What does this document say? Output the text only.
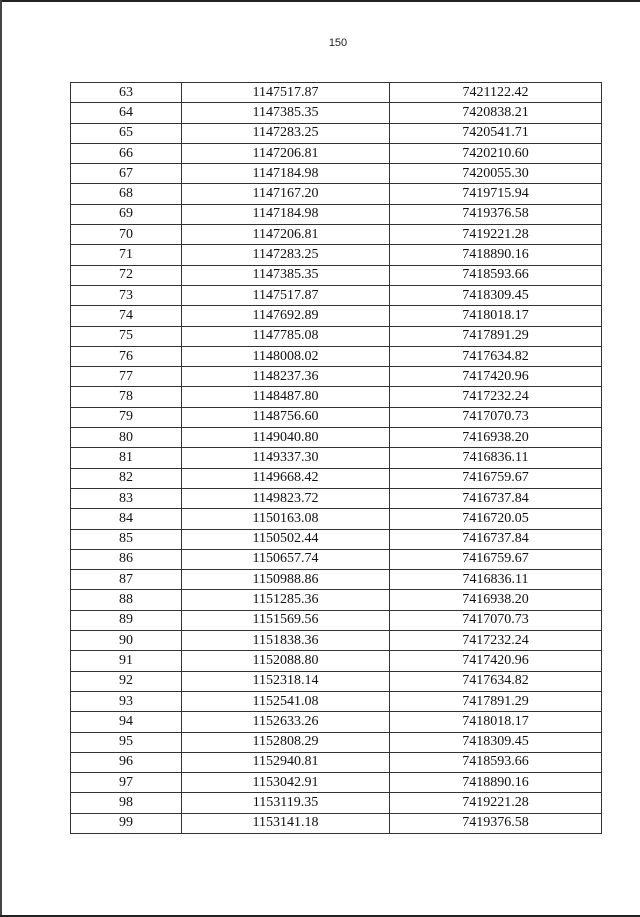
150
63	1147517.87	7421122.42
64	1147385.35	7420838.21
65	1147283.25	7420541.71
66	1147206.81	7420210.60
67	1147184.98	7420055.30
68	1147167.20	7419715.94
69	1147184.98	7419376.58
70	1147206.81	7419221.28
71	1147283.25	7418890.16
72	1147385.35	7418593.66
73	1147517.87	7418309.45
74	1147692.89	7418018.17
75	1147785.08	7417891.29
76	1148008.02	7417634.82
77	1148237.36	7417420.96
78	1148487.80	7417232.24
79	1148756.60	7417070.73
80	1149040.80	7416938.20
81	1149337.30	7416836.11
82	1149668.42	7416759.67
83	1149823.72	7416737.84
84	1150163.08	7416720.05
85	1150502.44	7416737.84
86	1150657.74	7416759.67
87	1150988.86	7416836.11
88	1151285.36	7416938.20
89	1151569.56	7417070.73
90	1151838.36	7417232.24
91	1152088.80	7417420.96
92	1152318.14	7417634.82
93	1152541.08	7417891.29
94	1152633.26	7418018.17
95	1152808.29	7418309.45
96	1152940.81	7418593.66
97	1153042.91	7418890.16
98	1153119.35	7419221.28
99	1153141.18	7419376.58
